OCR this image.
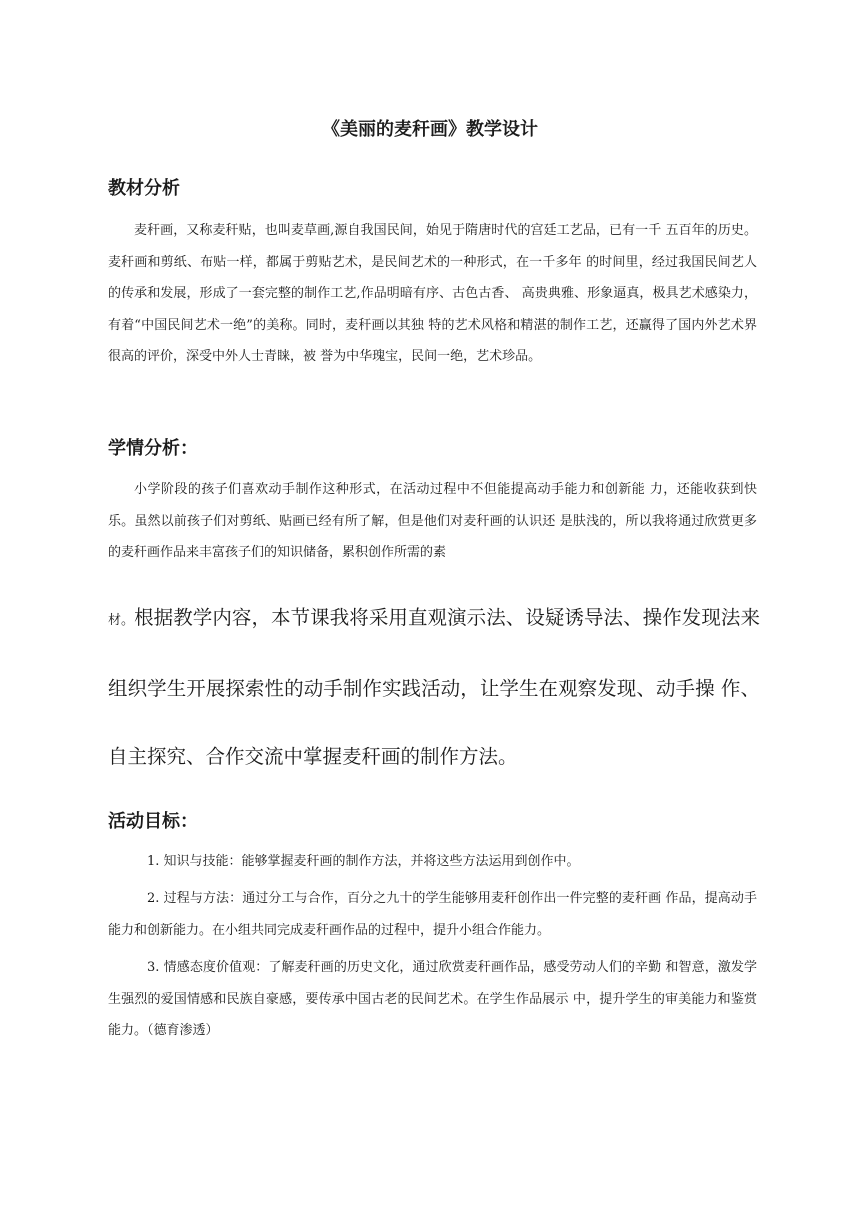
《美丽的麦秆画》教学设计
教材分析

麦秆画，又称麦秆贴，也叫麦草画,源自我国民间，始见于隋唐时代的宫廷工艺品，已有一千 五百年的历史。麦秆画和剪纸、布贴一样，都属于剪贴艺术，是民间艺术的一种形式，在一千多年 的时间里，经过我国民间艺人的传承和发展，形成了一套完整的制作工艺,作品明暗有序、古色古香、 高贵典雅、形象逼真，极具艺术感染力，有着“中国民间艺术一绝”的美称。同时，麦秆画以其独 特的艺术风格和精湛的制作工艺，还赢得了国内外艺术界很高的评价，深受中外人士青睐，被 誉为中华瑰宝，民间一绝，艺术珍品。

学情分析：

小学阶段的孩子们喜欢动手制作这种形式，在活动过程中不但能提高动手能力和创新能 力，还能收获到快乐。虽然以前孩子们对剪纸、贴画已经有所了解，但是他们对麦秆画的认识还 是肤浅的，所以我将通过欣赏更多的麦秆画作品来丰富孩子们的知识储备，累积创作所需的素

材。根据教学内容，本节课我将采用直观演示法、设疑诱导法、操作发现法来组织学生开展探索性的动手制作实践活动，让学生在观察发现、动手操 作、自主探究、合作交流中掌握麦秆画的制作方法。

活动目标：

1. 知识与技能：能够掌握麦秆画的制作方法，并将这些方法运用到创作中。

2. 过程与方法：通过分工与合作，百分之九十的学生能够用麦秆创作出一件完整的麦秆画 作品，提高动手能力和创新能力。在小组共同完成麦秆画作品的过程中，提升小组合作能力。

3. 情感态度价值观：了解麦秆画的历史文化，通过欣赏麦秆画作品，感受劳动人们的辛勤 和智意，激发学生强烈的爱国情感和民族自豪感，要传承中国古老的民间艺术。在学生作品展示 中，提升学生的审美能力和鉴赏能力。（德育渗透）
